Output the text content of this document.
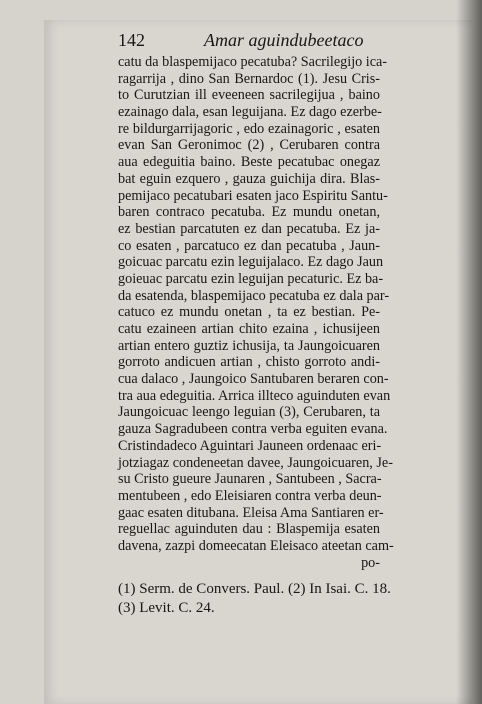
142	Amar aguindubeetaco
catu da blaspemijaco pecatuba? Sacrilegijo ica-
ragarrija , dino San Bernardoc (1). Jesu Cris-
to Curutzian ill eveeneen sacrilegijua , baino
ezainago dala, esan leguijana. Ez dago ezerbe-
re bildurgarrijagoric , edo ezainagoric , esaten
evan San Geronimoc (2) , Cerubaren contra
aua edeguitia baino. Beste pecatubac onegaz
bat eguin ezquero , gauza guichija dira. Blas-
pemijaco pecatubari esaten jaco Espiritu Santu-
baren contraco pecatuba. Ez mundu onetan,
ez bestian parcatuten ez dan pecatuba. Ez ja-
co esaten , parcatuco ez dan pecatuba , Jaun-
goicuac parcatu ezin leguijalaco. Ez dago Jaun
goieuac parcatu ezin leguijan pecaturic. Ez ba-
da esatenda, blaspemijaco pecatuba ez dala par-
catuco ez mundu onetan , ta ez bestian. Pe-
catu ezaineen artian chito ezaina , ichusijeen
artian entero guztiz ichusija, ta Jaungoicuaren
gorroto andicuen artian , chisto gorroto andi-
cua dalaco , Jaungoico Santubaren beraren con-
tra aua edeguitia. Arrica illteco aguinduten evan
Jaungoicuac leengo leguian (3), Cerubaren, ta
gauza Sagradubeen contra verba eguiten evana.
Cristindadeco Aguintari Jauneen ordenaac eri-
jotziagaz condeneetan davee, Jaungoicuaren, Je-
su Cristo gueure Jaunaren , Santubeen , Sacra-
mentubeen , edo Eleisiaren contra verba deun-
gaac esaten ditubana. Eleisa Ama Santiaren er-
reguellac aguinduten dau : Blaspemija esaten
davena, zazpi domeecatan Eleisaco ateetan cam-
po-
(1) Serm. de Convers. Paul. (2) In Isai. C. 18.
(3) Levit. C. 24.
